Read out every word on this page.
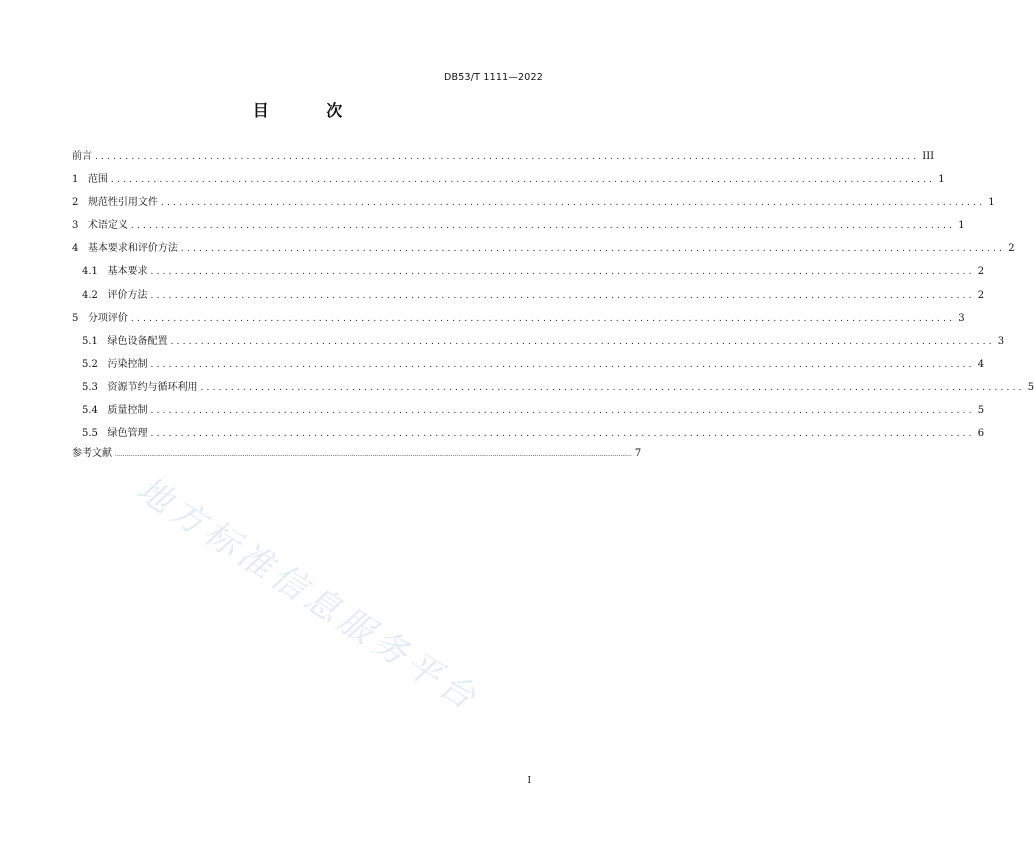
DB53/T 1111—2022
目 次
前言 ........................................................................................................................................ III
1
范围 ........................................................................................................................................ 1
2
规范性引用文件 ........................................................................................................................................ 1
3
术语定义 ........................................................................................................................................ 1
4
基本要求和评价方法 ........................................................................................................................................ 2
4.1
基本要求 ........................................................................................................................................ 2
4.2
评价方法 ........................................................................................................................................ 2
5
分项评价 ........................................................................................................................................ 3
5.1
绿色设备配置 ........................................................................................................................................ 3
5.2
污染控制 ........................................................................................................................................ 4
5.3
资源节约与循环利用 ........................................................................................................................................ 5
5.4
质量控制 ........................................................................................................................................ 5
5.5
绿色管理 ........................................................................................................................................ 6
参考文献 ............................................................................................................................................................................................................................................................................... 7
地方标准信息服务平台
I
